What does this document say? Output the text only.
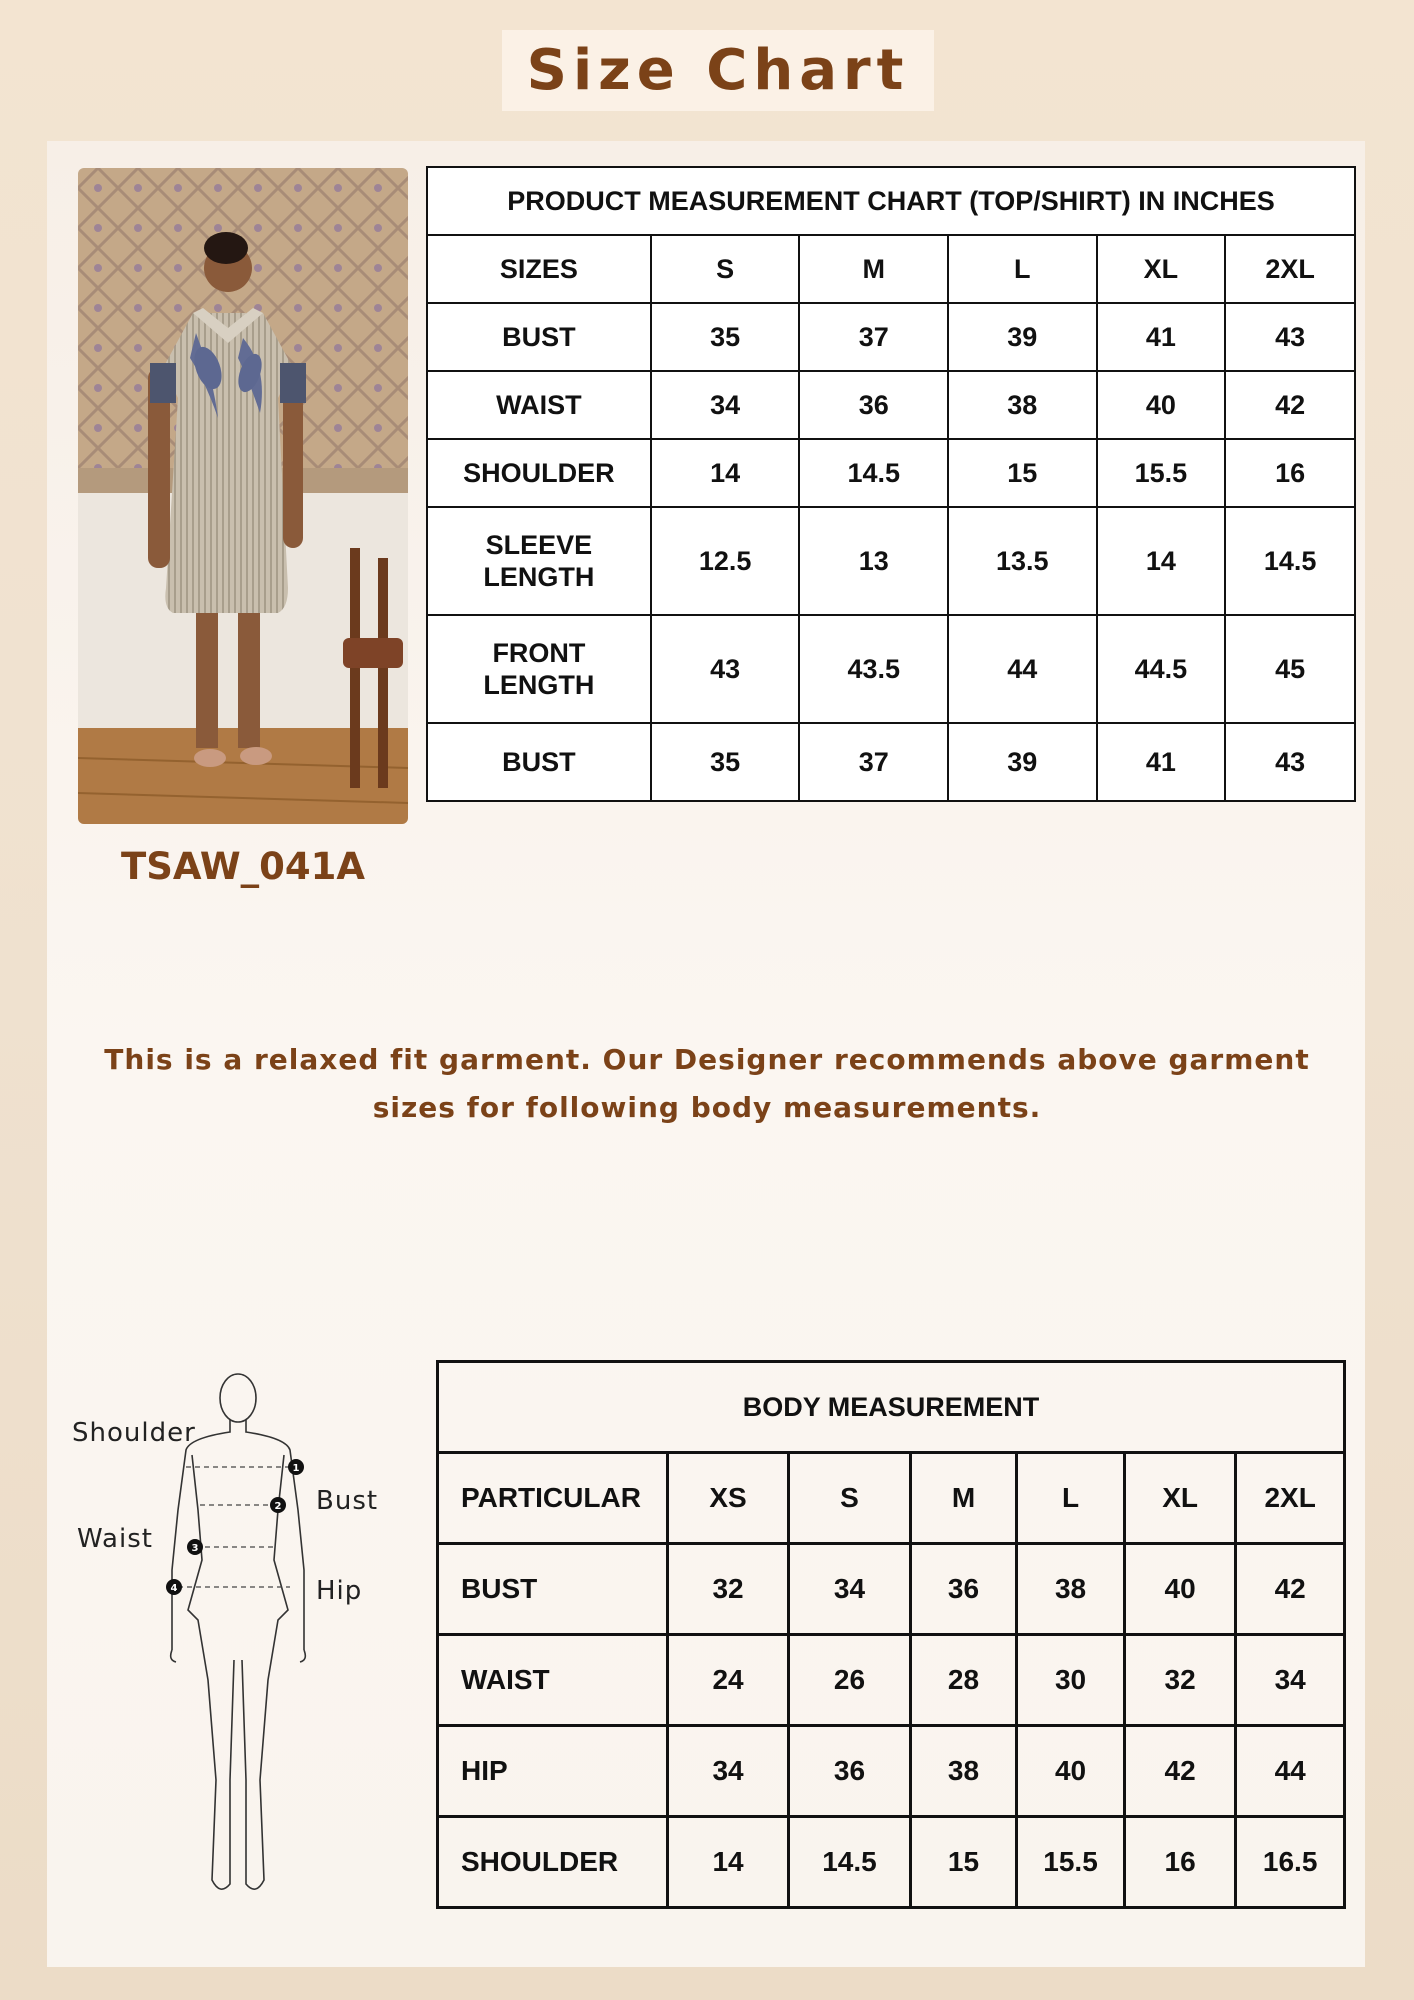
Size Chart
TSAW_041A
PRODUCT MEASUREMENT CHART (TOP/SHIRT) IN INCHES					
SIZES	S	M	L	XL	2XL
BUST	35	37	39	41	43
WAIST	34	36	38	40	42
SHOULDER	14	14.5	15	15.5	16
SLEEVE LENGTH	12.5	13	13.5	14	14.5
FRONT LENGTH	43	43.5	44	44.5	45
BUST	35	37	39	41	43
This is a relaxed fit garment. Our Designer recommends above garment sizes for following body measurements.
1
2
3
4
Shoulder
Bust
Waist
Hip
BODY MEASUREMENT						
PARTICULAR	XS	S	M	L	XL	2XL
BUST	32	34	36	38	40	42
WAIST	24	26	28	30	32	34
HIP	34	36	38	40	42	44
SHOULDER	14	14.5	15	15.5	16	16.5
